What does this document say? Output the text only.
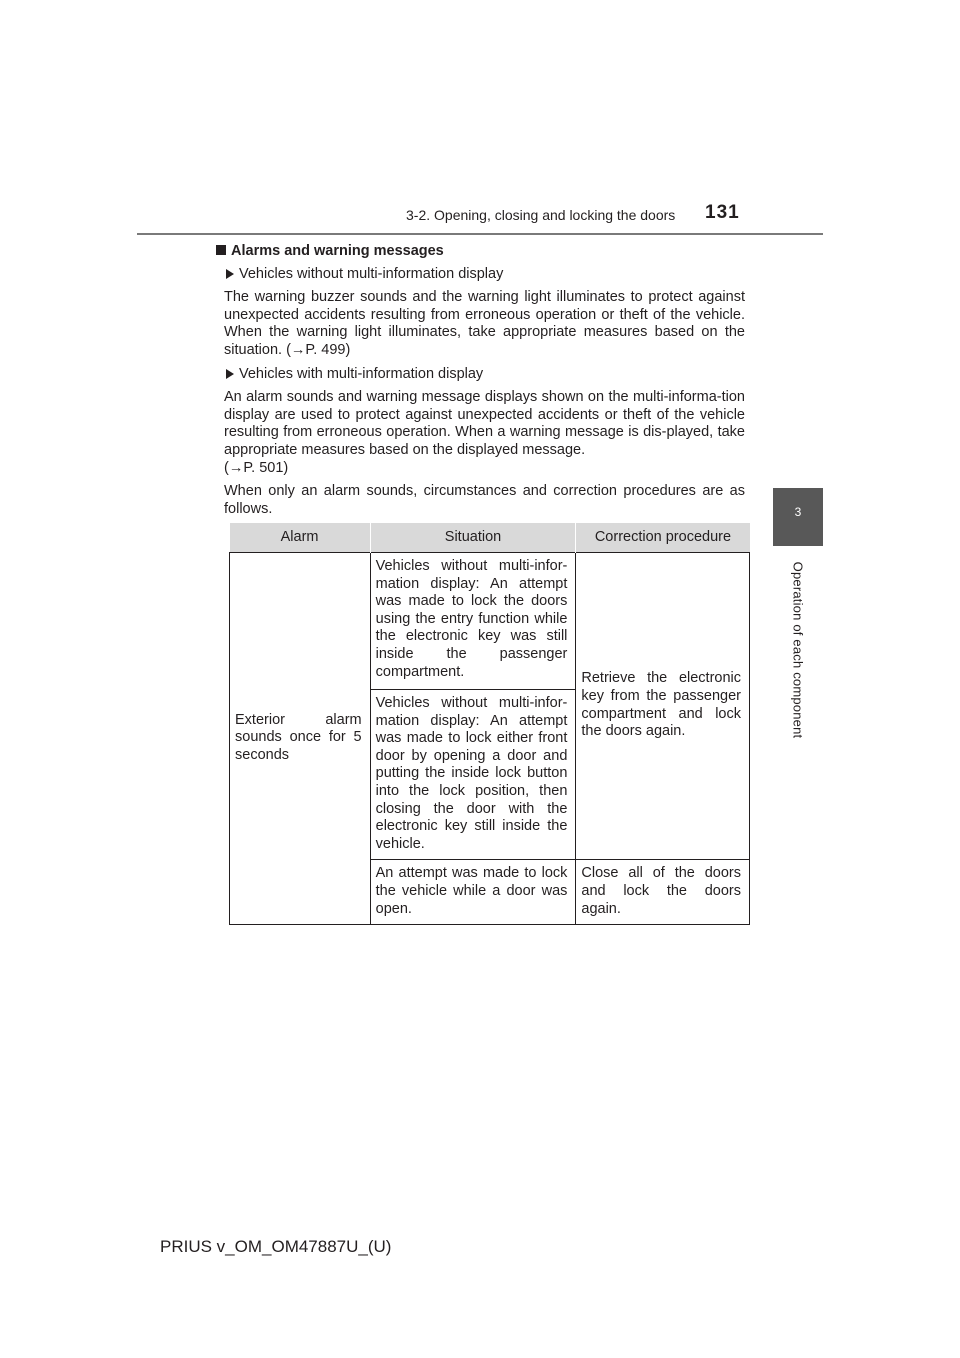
3-2. Opening, closing and locking the doors 131
3
Operation of each component
Alarms and warning messages
Vehicles without multi-information display
The warning buzzer sounds and the warning light illuminates to protect against unexpected accidents resulting from erroneous operation or theft of the vehicle. When the warning light illuminates, take appropriate measures based on the situation. (→P. 499)
Vehicles with multi-information display
An alarm sounds and warning message displays shown on the multi-informa-tion display are used to protect against unexpected accidents or theft of the vehicle resulting from erroneous operation. When a warning message is dis-played, take appropriate measures based on the displayed message.
(→P. 501)
When only an alarm sounds, circumstances and correction procedures are as follows.
Alarm	Situation	Correction procedure
Exterior alarm sounds once for 5 seconds	Vehicles without multi-infor-mation display: An attempt was made to lock the doors using the entry function while the electronic key was still inside the passenger compartment.	Retrieve the electronic key from the passenger compartment and lock the doors again.
	Vehicles without multi-infor-mation display: An attempt was made to lock either front door by opening a door and putting the inside lock button into the lock position, then closing the door with the electronic key still inside the vehicle.	
	An attempt was made to lock the vehicle while a door was open.	Close all of the doors and lock the doors again.
PRIUS v_OM_OM47887U_(U)
